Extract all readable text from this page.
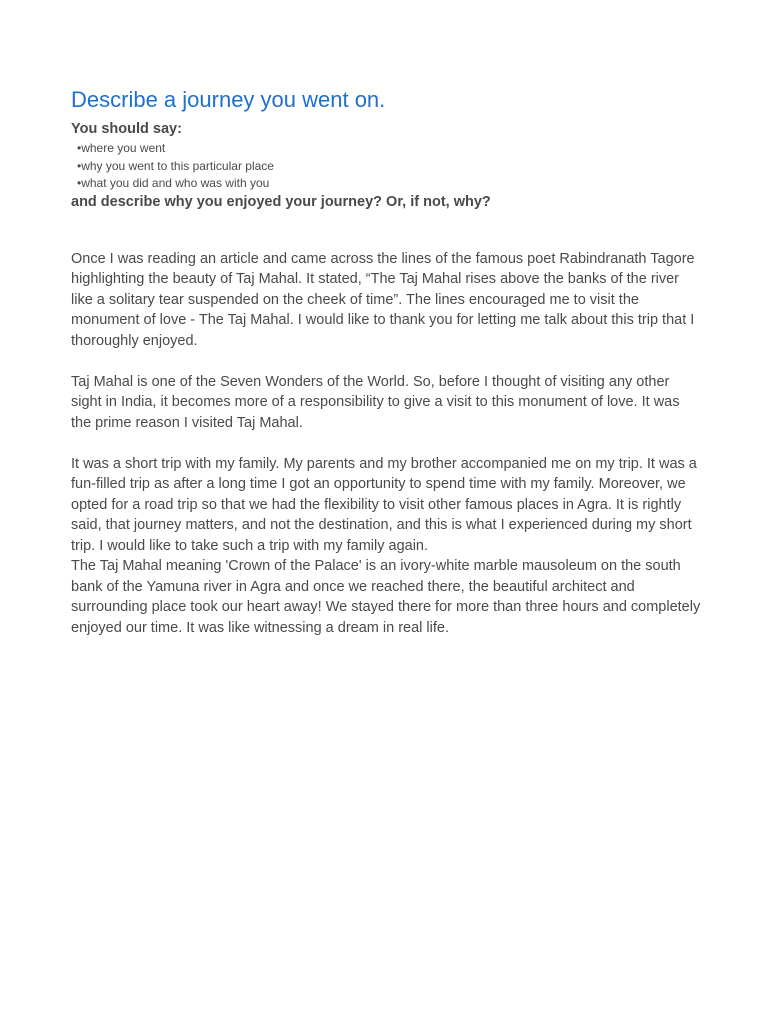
Describe a journey you went on.

You should say:

•where you went
•why you went to this particular place
•what you did and who was with you

and describe why you enjoyed your journey? Or, if not, why?

Once I was reading an article and came across the lines of the famous poet Rabindranath Tagore highlighting the beauty of Taj Mahal. It stated, “The Taj Mahal rises above the banks of the river like a solitary tear suspended on the cheek of time”. The lines encouraged me to visit the monument of love - The Taj Mahal. I would like to thank you for letting me talk about this trip that I thoroughly enjoyed.

Taj Mahal is one of the Seven Wonders of the World. So, before I thought of visiting any other sight in India, it becomes more of a responsibility to give a visit to this monument of love. It was the prime reason I visited Taj Mahal.

It was a short trip with my family. My parents and my brother accompanied me on my trip. It was a fun-filled trip as after a long time I got an opportunity to spend time with my family. Moreover, we opted for a road trip so that we had the flexibility to visit other famous places in Agra. It is rightly said, that journey matters, and not the destination, and this is what I experienced during my short trip. I would like to take such a trip with my family again.

The Taj Mahal meaning 'Crown of the Palace' is an ivory-white marble mausoleum on the south bank of the Yamuna river in Agra and once we reached there, the beautiful architect and surrounding place took our heart away! We stayed there for more than three hours and completely enjoyed our time. It was like witnessing a dream in real life.
